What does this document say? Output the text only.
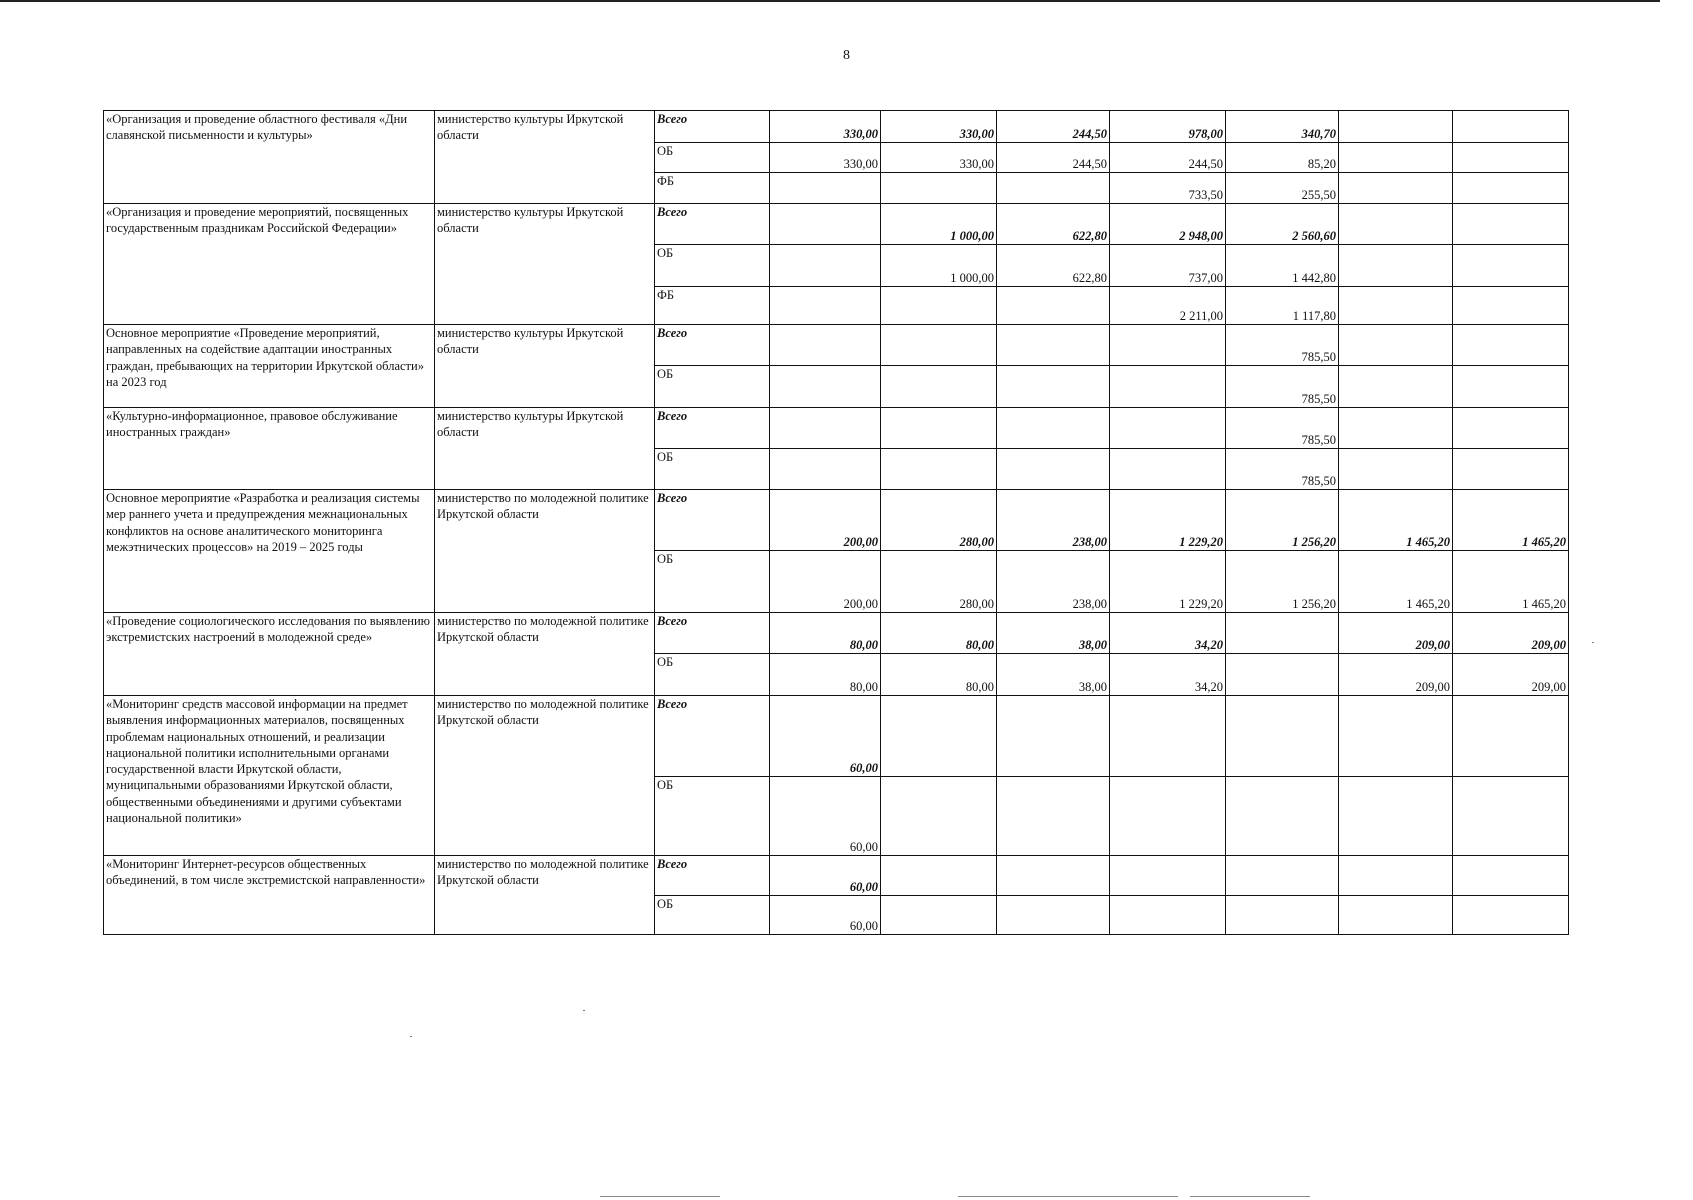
8
«Организация и проведение областного фестиваля «Дни славянской письменности и культуры»	министерство культуры Иркутской области	Всего	330,00	330,00	244,50	978,00	340,70		
		ОБ	330,00	330,00	244,50	244,50	85,20		
		ФБ				733,50	255,50		
«Организация и проведение мероприятий, посвященных государственным праздникам Российской Федерации»	министерство культуры Иркутской области	Всего		1 000,00	622,80	2 948,00	2 560,60		
		ОБ		1 000,00	622,80	737,00	1 442,80		
		ФБ				2 211,00	1 117,80		
Основное мероприятие «Проведение мероприятий, направленных на содействие адаптации иностранных граждан, пребывающих на территории Иркутской области» на 2023 год	министерство культуры Иркутской области	Всего					785,50		
		ОБ					785,50		
«Культурно-информационное, правовое обслуживание иностранных граждан»	министерство культуры Иркутской области	Всего					785,50		
		ОБ					785,50		
Основное мероприятие «Разработка и реализация системы мер раннего учета и предупреждения межнациональных конфликтов на основе аналитического мониторинга межэтнических процессов» на 2019 – 2025 годы	министерство по молодежной политике Иркутской области	Всего	200,00	280,00	238,00	1 229,20	1 256,20	1 465,20	1 465,20
		ОБ	200,00	280,00	238,00	1 229,20	1 256,20	1 465,20	1 465,20
«Проведение социологического исследования по выявлению экстремистских настроений в молодежной среде»	министерство по молодежной политике Иркутской области	Всего	80,00	80,00	38,00	34,20		209,00	209,00
		ОБ	80,00	80,00	38,00	34,20		209,00	209,00
«Мониторинг средств массовой информации на предмет выявления информационных материалов, посвященных проблемам национальных отношений, и реализации национальной политики исполнительными органами государственной власти Иркутской области, муниципальными образованиями Иркутской области, общественными объединениями и другими субъектами национальной политики»	министерство по молодежной политике Иркутской области	Всего	60,00						
		ОБ	60,00						
«Мониторинг Интернет-ресурсов общественных объединений, в том числе экстремистской направленности»	министерство по молодежной политике Иркутской области	Всего	60,00						
		ОБ	60,00						
